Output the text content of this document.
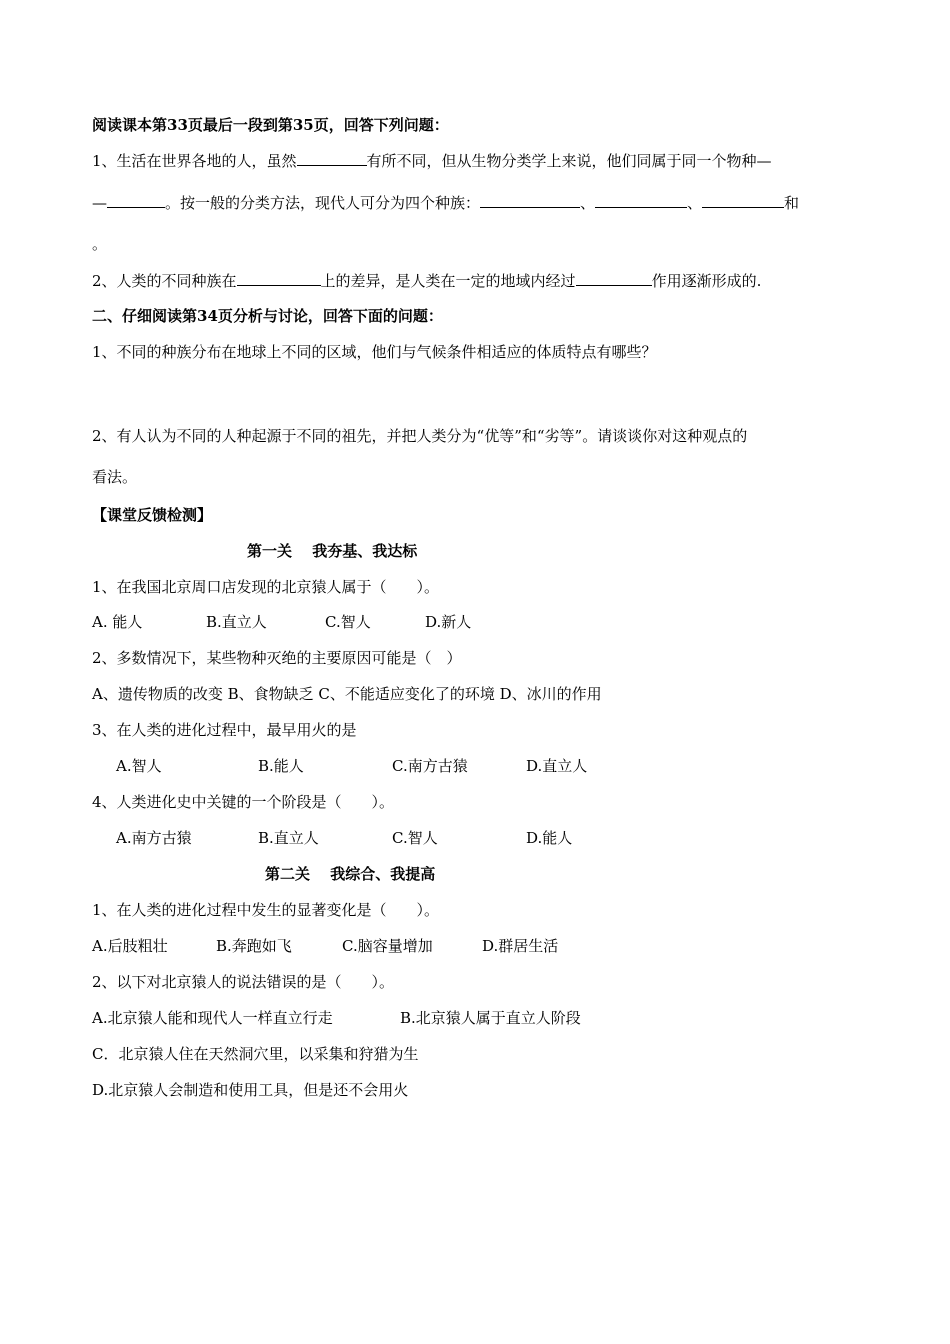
阅读课本第33页最后一段到第35页，回答下列问题：
1、生活在世界各地的人，虽然	有所不同，但从生物分类学上来说，他们同属于同一个物种—
—	。按一般的分类方法，现代人可分为四个种族：	、	、	和
。
2、人类的不同种族在	上的差异，是人类在一定的地域内经过	作用逐渐形成的.
二、仔细阅读第34页分析与讨论，回答下面的问题：
1、不同的种族分布在地球上不同的区域，他们与气候条件相适应的体质特点有哪些？
2、有人认为不同的人种起源于不同的祖先，并把人类分为“优等”和“劣等”。请谈谈你对这种观点的
看法。
【课堂反馈检测】
第一关　 我夯基、我达标
1、在我国北京周口店发现的北京猿人属于（　　）。
A. 能人	B.直立人	C.智人	D.新人
2、多数情况下，某些物种灭绝的主要原因可能是（　）
A、遗传物质的改变 B、食物缺乏 C、不能适应变化了的环境 D、冰川的作用
3、在人类的进化过程中，最早用火的是
A.智人	B.能人	C.南方古猿	D.直立人
4、人类进化史中关键的一个阶段是（　　）。
A.南方古猿	B.直立人	C.智人	D.能人
第二关　 我综合、我提高
1、在人类的进化过程中发生的显著变化是（　　）。
A.后肢粗壮	B.奔跑如飞	C.脑容量增加	D.群居生活
2、以下对北京猿人的说法错误的是（　　）。
A.北京猿人能和现代人一样直立行走	B.北京猿人属于直立人阶段
C．北京猿人住在天然洞穴里，以采集和狩猎为生
D.北京猿人会制造和使用工具，但是还不会用火
